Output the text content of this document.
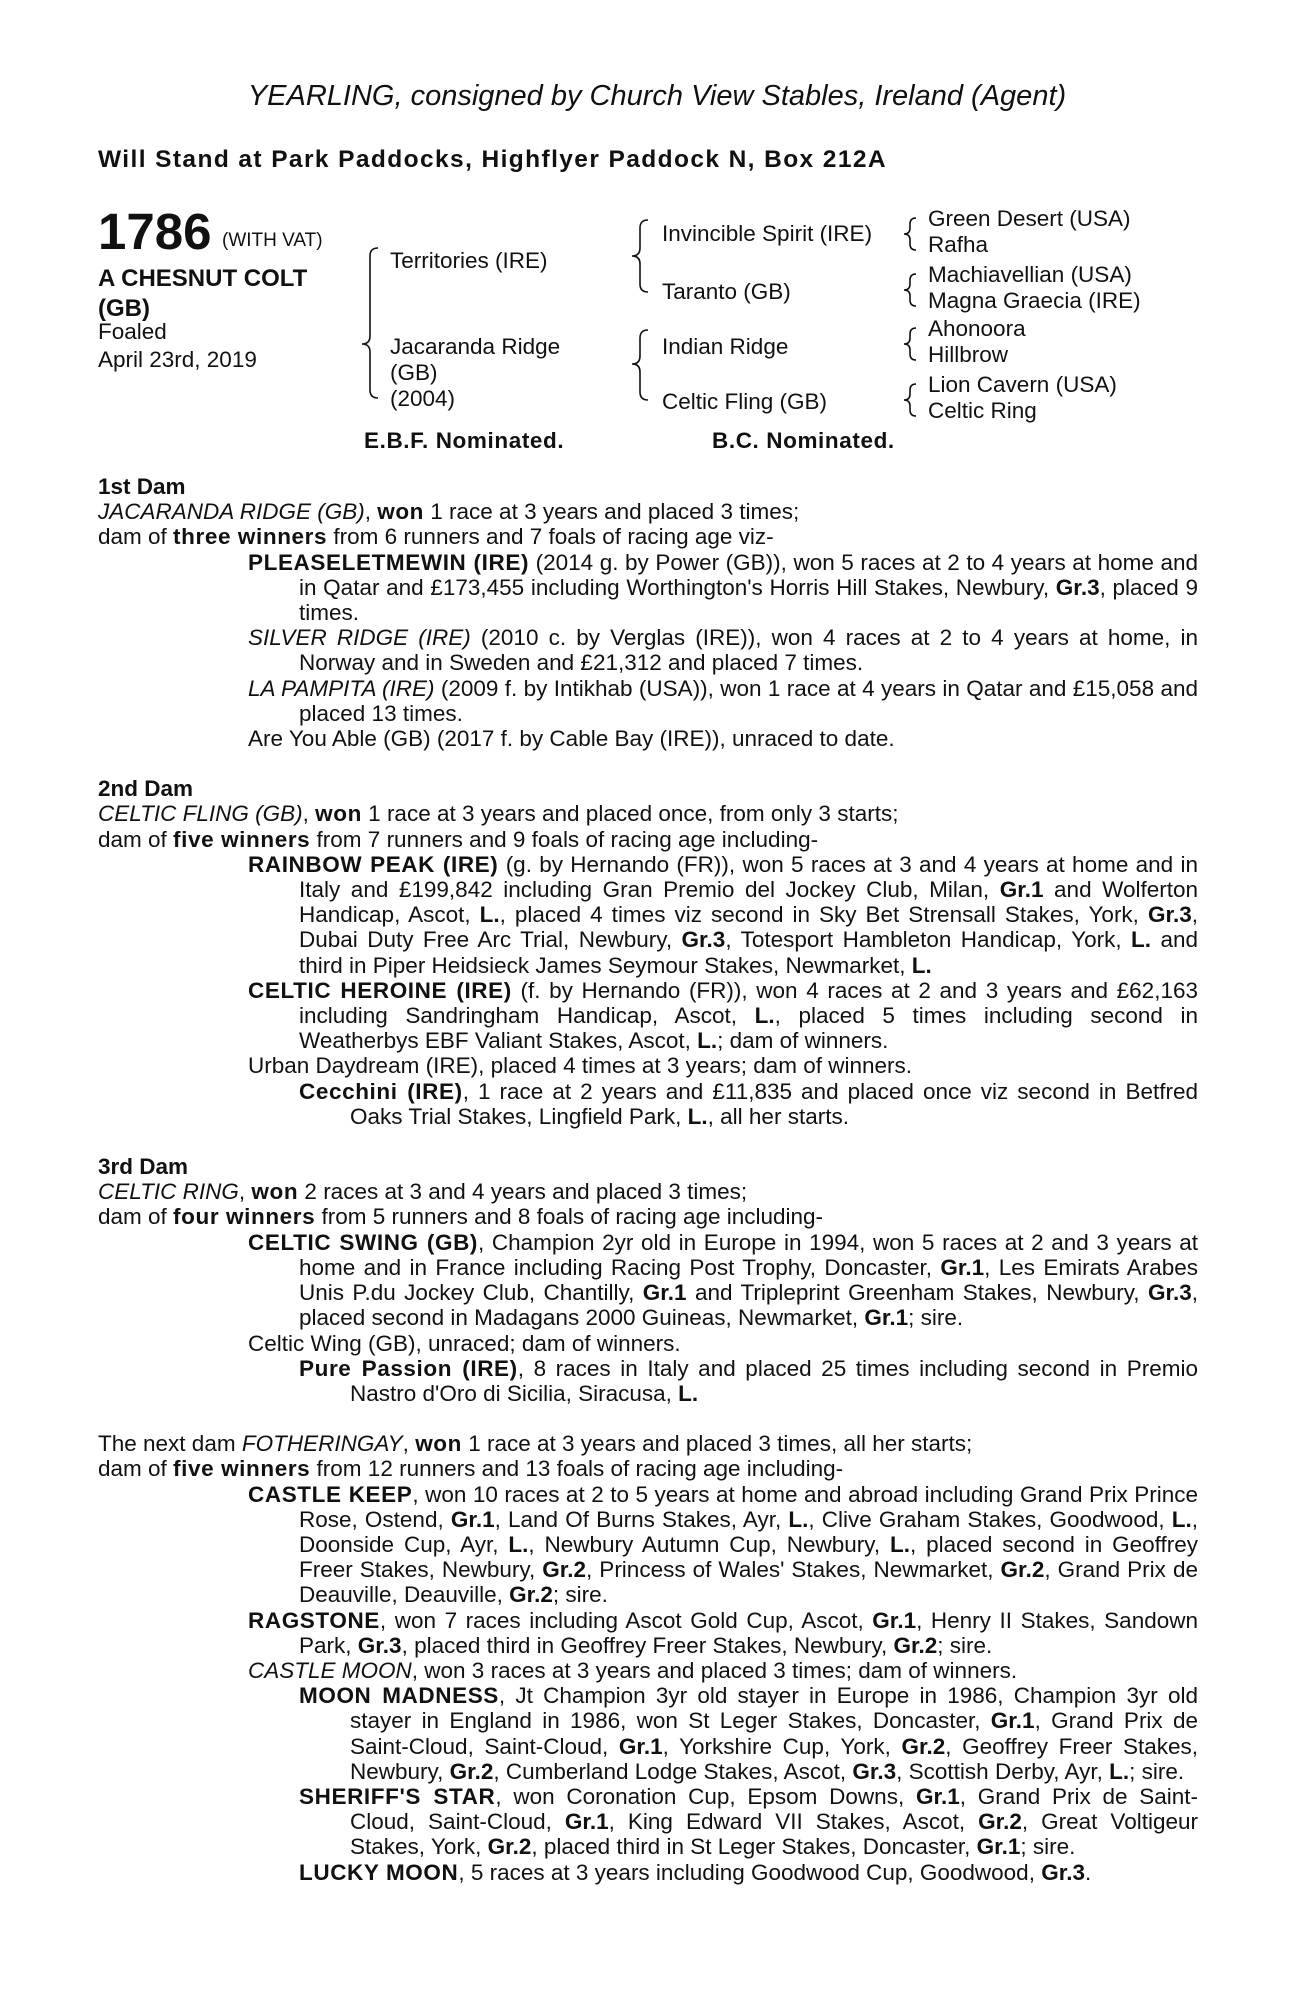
YEARLING, consigned by Church View Stables, Ireland (Agent)
Will Stand at Park Paddocks, Highflyer Paddock N, Box 212A
1786 (WITH VAT)
A CHESNUT COLT
(GB)
Foaled
April 23rd, 2019
Territories (IRE)
Jacaranda Ridge
(GB)
(2004)
Invincible Spirit (IRE)
Taranto (GB)
Indian Ridge
Celtic Fling (GB)
Green Desert (USA)
Rafha
Machiavellian (USA)
Magna Graecia (IRE)
Ahonoora
Hillbrow
Lion Cavern (USA)
Celtic Ring
E.B.F. Nominated.	B.C. Nominated.

1st Dam

JACARANDA RIDGE (GB), won 1 race at 3 years and placed 3 times;

dam of three winners from 6 runners and 7 foals of racing age viz-

PLEASELETMEWIN (IRE) (2014 g. by Power (GB)), won 5 races at 2 to 4 years at home and in Qatar and £173,455 including Worthington's Horris Hill Stakes, Newbury, Gr.3, placed 9 times.

SILVER RIDGE (IRE) (2010 c. by Verglas (IRE)), won 4 races at 2 to 4 years at home, in Norway and in Sweden and £21,312 and placed 7 times.

LA PAMPITA (IRE) (2009 f. by Intikhab (USA)), won 1 race at 4 years in Qatar and £15,058 and placed 13 times.

Are You Able (GB) (2017 f. by Cable Bay (IRE)), unraced to date.

2nd Dam

CELTIC FLING (GB), won 1 race at 3 years and placed once, from only 3 starts;

dam of five winners from 7 runners and 9 foals of racing age including-

RAINBOW PEAK (IRE) (g. by Hernando (FR)), won 5 races at 3 and 4 years at home and in Italy and £199,842 including Gran Premio del Jockey Club, Milan, Gr.1 and Wolferton Handicap, Ascot, L., placed 4 times viz second in Sky Bet Strensall Stakes, York, Gr.3, Dubai Duty Free Arc Trial, Newbury, Gr.3, Totesport Hambleton Handicap, York, L. and third in Piper Heidsieck James Seymour Stakes, Newmarket, L.

CELTIC HEROINE (IRE) (f. by Hernando (FR)), won 4 races at 2 and 3 years and £62,163 including Sandringham Handicap, Ascot, L., placed 5 times including second in Weatherbys EBF Valiant Stakes, Ascot, L.; dam of winners.

Urban Daydream (IRE), placed 4 times at 3 years; dam of winners.

Cecchini (IRE), 1 race at 2 years and £11,835 and placed once viz second in Betfred Oaks Trial Stakes, Lingfield Park, L., all her starts.

3rd Dam

CELTIC RING, won 2 races at 3 and 4 years and placed 3 times;

dam of four winners from 5 runners and 8 foals of racing age including-

CELTIC SWING (GB), Champion 2yr old in Europe in 1994, won 5 races at 2 and 3 years at home and in France including Racing Post Trophy, Doncaster, Gr.1, Les Emirats Arabes Unis P.du Jockey Club, Chantilly, Gr.1 and Tripleprint Greenham Stakes, Newbury, Gr.3, placed second in Madagans 2000 Guineas, Newmarket, Gr.1; sire.

Celtic Wing (GB), unraced; dam of winners.

Pure Passion (IRE), 8 races in Italy and placed 25 times including second in Premio Nastro d'Oro di Sicilia, Siracusa, L.

The next dam FOTHERINGAY, won 1 race at 3 years and placed 3 times, all her starts;

dam of five winners from 12 runners and 13 foals of racing age including-

CASTLE KEEP, won 10 races at 2 to 5 years at home and abroad including Grand Prix Prince Rose, Ostend, Gr.1, Land Of Burns Stakes, Ayr, L., Clive Graham Stakes, Goodwood, L., Doonside Cup, Ayr, L., Newbury Autumn Cup, Newbury, L., placed second in Geoffrey Freer Stakes, Newbury, Gr.2, Princess of Wales' Stakes, Newmarket, Gr.2, Grand Prix de Deauville, Deauville, Gr.2; sire.

RAGSTONE, won 7 races including Ascot Gold Cup, Ascot, Gr.1, Henry II Stakes, Sandown Park, Gr.3, placed third in Geoffrey Freer Stakes, Newbury, Gr.2; sire.

CASTLE MOON, won 3 races at 3 years and placed 3 times; dam of winners.

MOON MADNESS, Jt Champion 3yr old stayer in Europe in 1986, Champion 3yr old stayer in England in 1986, won St Leger Stakes, Doncaster, Gr.1, Grand Prix de Saint-Cloud, Saint-Cloud, Gr.1, Yorkshire Cup, York, Gr.2, Geoffrey Freer Stakes, Newbury, Gr.2, Cumberland Lodge Stakes, Ascot, Gr.3, Scottish Derby, Ayr, L.; sire.

SHERIFF'S STAR, won Coronation Cup, Epsom Downs, Gr.1, Grand Prix de Saint-Cloud, Saint-Cloud, Gr.1, King Edward VII Stakes, Ascot, Gr.2, Great Voltigeur Stakes, York, Gr.2, placed third in St Leger Stakes, Doncaster, Gr.1; sire.

LUCKY MOON, 5 races at 3 years including Goodwood Cup, Goodwood, Gr.3.
